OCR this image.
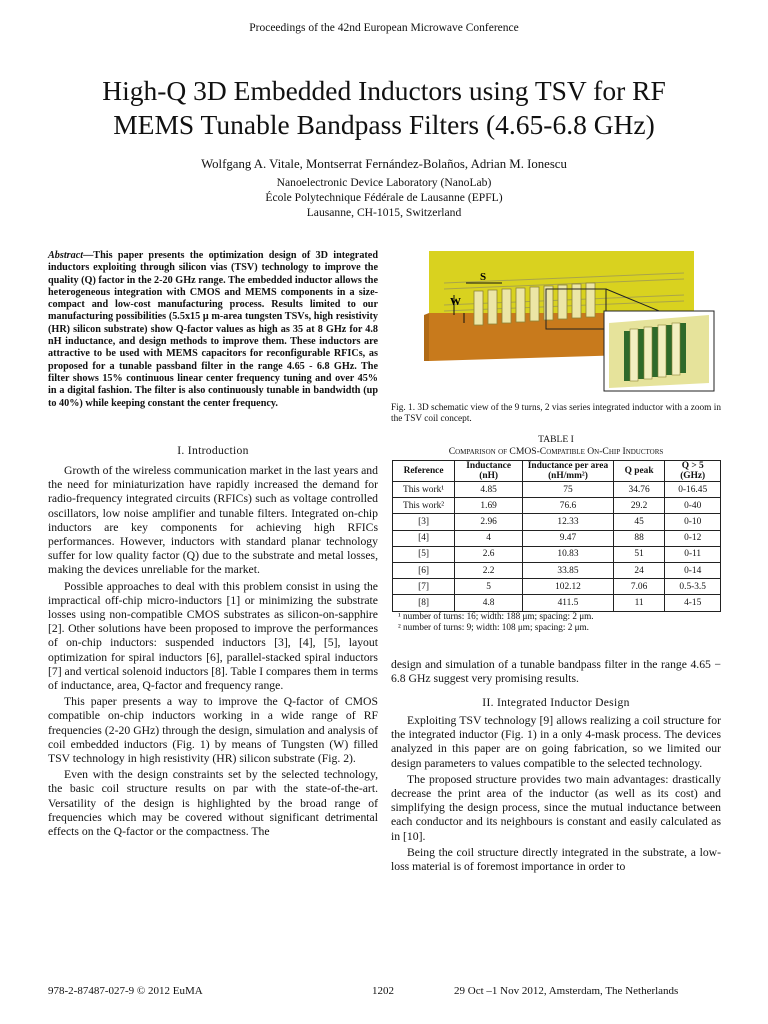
Proceedings of the 42nd European Microwave Conference
High-Q 3D Embedded Inductors using TSV for RF
MEMS Tunable Bandpass Filters (4.65-6.8 GHz)
Wolfgang A. Vitale, Montserrat Fernández-Bolaños, Adrian M. Ionescu
Nanoelectronic Device Laboratory (NanoLab)
École Polytechnique Fédérale de Lausanne (EPFL)
Lausanne, CH-1015, Switzerland
Abstract—This paper presents the optimization design of 3D integrated inductors exploiting through silicon vias (TSV) technology to improve the quality (Q) factor in the 2-20 GHz range. The embedded inductor allows the heterogeneous integration with CMOS and MEMS components in a size-compact and low-cost manufacturing process. Results limited to our manufacturing possibilities (5.5x15 μ m-area tungsten TSVs, high resistivity (HR) silicon substrate) show Q-factor values as high as 35 at 8 GHz for 4.8 nH inductance, and design methods to improve them. These inductors are attractive to be used with MEMS capacitors for reconfigurable RFICs, as proposed for a tunable passband filter in the range 4.65 - 6.8 GHz. The filter shows 15% continuous linear center frequency tuning and over 45% in a digital fashion. The filter is also continuously tunable in bandwidth (up to 40%) while keeping constant the center frequency.
I. Introduction

Growth of the wireless communication market in the last years and the need for miniaturization have rapidly increased the demand for radio-frequency integrated circuits (RFICs) such as voltage controlled oscillators, low noise amplifier and tunable filters. Integrated on-chip inductors are key components for achieving high RFICs performances. However, inductors with standard planar technology suffer for low quality factor (Q) due to the substrate and metal losses, making the devices unreliable for the market.

Possible approaches to deal with this problem consist in using the impractical off-chip micro-inductors [1] or minimizing the substrate losses using non-compatible CMOS substrates as silicon-on-sapphire [2]. Other solutions have been proposed to improve the performances of on-chip inductors: suspended inductors [3], [4], [5], layout optimization for spiral inductors [6], parallel-stacked spiral inductors [7] and vertical solenoid inductors [8]. Table I compares them in terms of inductance, area, Q-factor and frequency range.

This paper presents a way to improve the Q-factor of CMOS compatible on-chip inductors working in a wide range of RF frequencies (2-20 GHz) through the design, simulation and analysis of coil embedded inductors (Fig. 1) by means of Tungsten (W) filled TSV technology in high resistivity (HR) silicon substrate (Fig. 2).

Even with the design constraints set by the selected technology, the basic coil structure results on par with the state-of-the-art. Versatility of the design is highlighted by the broad range of frequencies which may be covered without significant detrimental effects on the Q-factor or the compactness. The

S
W
Fig. 1. 3D schematic view of the 9 turns, 2 vias series integrated inductor with a zoom in the TSV coil concept.
TABLE I
Comparison of CMOS-Compatible On-Chip Inductors
Reference	Inductance (nH)	Inductance per area (nH/mm²)	Q peak	Q > 5 (GHz)
This work¹	4.85	75	34.76	0-16.45
This work²	1.69	76.6	29.2	0-40
[3]	2.96	12.33	45	0-10
[4]	4	9.47	88	0-12
[5]	2.6	10.83	51	0-11
[6]	2.2	33.85	24	0-14
[7]	5	102.12	7.06	0.5-3.5
[8]	4.8	411.5	11	4-15
¹ number of turns: 16; width: 188 μm; spacing: 2 μm.
² number of turns: 9; width: 108 μm; spacing: 2 μm.
design and simulation of a tunable bandpass filter in the range 4.65 − 6.8 GHz suggest very promising results.
II. Integrated Inductor Design

Exploiting TSV technology [9] allows realizing a coil structure for the integrated inductor (Fig. 1) in a only 4-mask process. The devices analyzed in this paper are on going fabrication, so we limited our design parameters to values compatible to the selected technology.

The proposed structure provides two main advantages: drastically decrease the print area of the inductor (as well as its cost) and simplifying the design process, since the mutual inductance between each conductor and its neighbours is constant and easily calculated as in [10].

Being the coil structure directly integrated in the substrate, a low-loss material is of foremost importance in order to

978-2-87487-027-9 © 2012 EuMA	1202	29 Oct –1 Nov 2012, Amsterdam, The Netherlands
